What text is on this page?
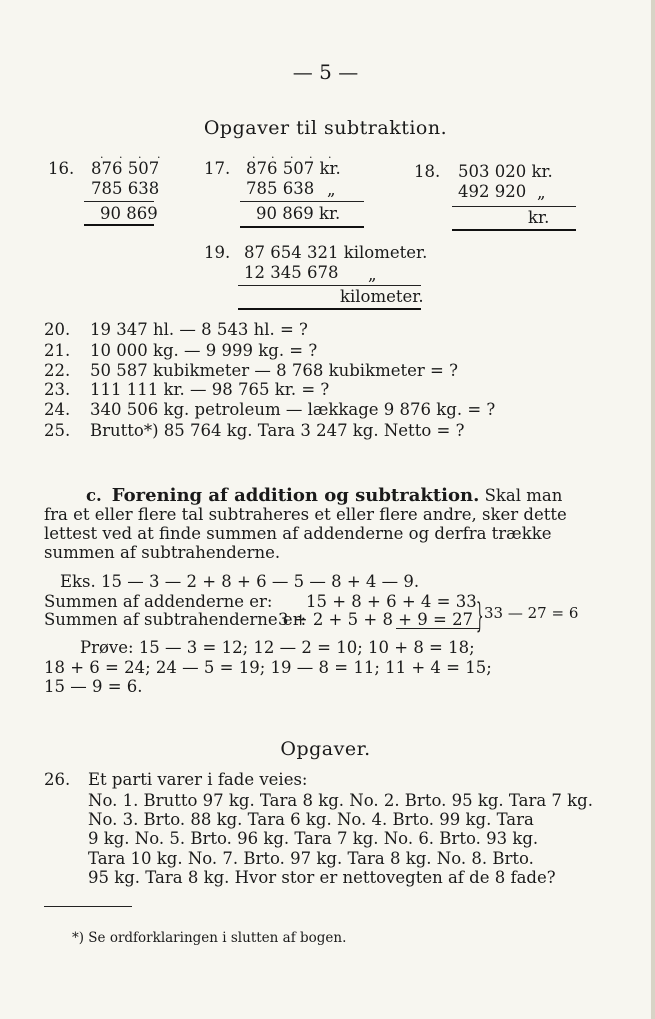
— 5 —
Opgaver til subtraktion.
16.
. . . .
876 507
785 638
90 869
17.
. . . . .
876 507 kr.
785 638 „
90 869 kr.
18. 503 020 kr.
492 920 „
kr.
19. 87 654 321 kilometer.
12 345 678 „
kilometer.
20. 19 347 hl. — 8 543 hl. = ?
21. 10 000 kg. — 9 999 kg. = ?
22. 50 587 kubikmeter — 8 768 kubikmeter = ?
23. 111 111 kr. — 98 765 kr. = ?
24. 340 506 kg. petroleum — lækkage 9 876 kg. = ?
25. Brutto*) 85 764 kg. Tara 3 247 kg. Netto = ?
c. Forening af addition og subtraktion. Skal man fra et eller flere tal subtraheres et eller flere andre, sker dette lettest ved at finde summen af addenderne og derfra trække summen af subtrahenderne.
Eks. 15 — 3 — 2 + 8 + 6 — 5 — 8 + 4 — 9.
Summen af addenderne er: 15 + 8 + 6 + 4 = 33
Summen af subtrahenderne er:
3 + 2 + 5 + 8 + 9 = 27 } 33 — 27 = 6
Prøve: 15 — 3 = 12; 12 — 2 = 10; 10 + 8 = 18;
18 + 6 = 24; 24 — 5 = 19; 19 — 8 = 11; 11 + 4 = 15;
15 — 9 = 6.
Opgaver.
26. Et parti varer i fade veies:
No. 1. Brutto 97 kg. Tara 8 kg. No. 2. Brto. 95 kg. Tara 7 kg.
No. 3. Brto. 88 kg. Tara 6 kg. No. 4. Brto. 99 kg. Tara
9 kg. No. 5. Brto. 96 kg. Tara 7 kg. No. 6. Brto. 93 kg.
Tara 10 kg. No. 7. Brto. 97 kg. Tara 8 kg. No. 8. Brto.
95 kg. Tara 8 kg. Hvor stor er nettovegten af de 8 fade?
*) Se ordforklaringen i slutten af bogen.
